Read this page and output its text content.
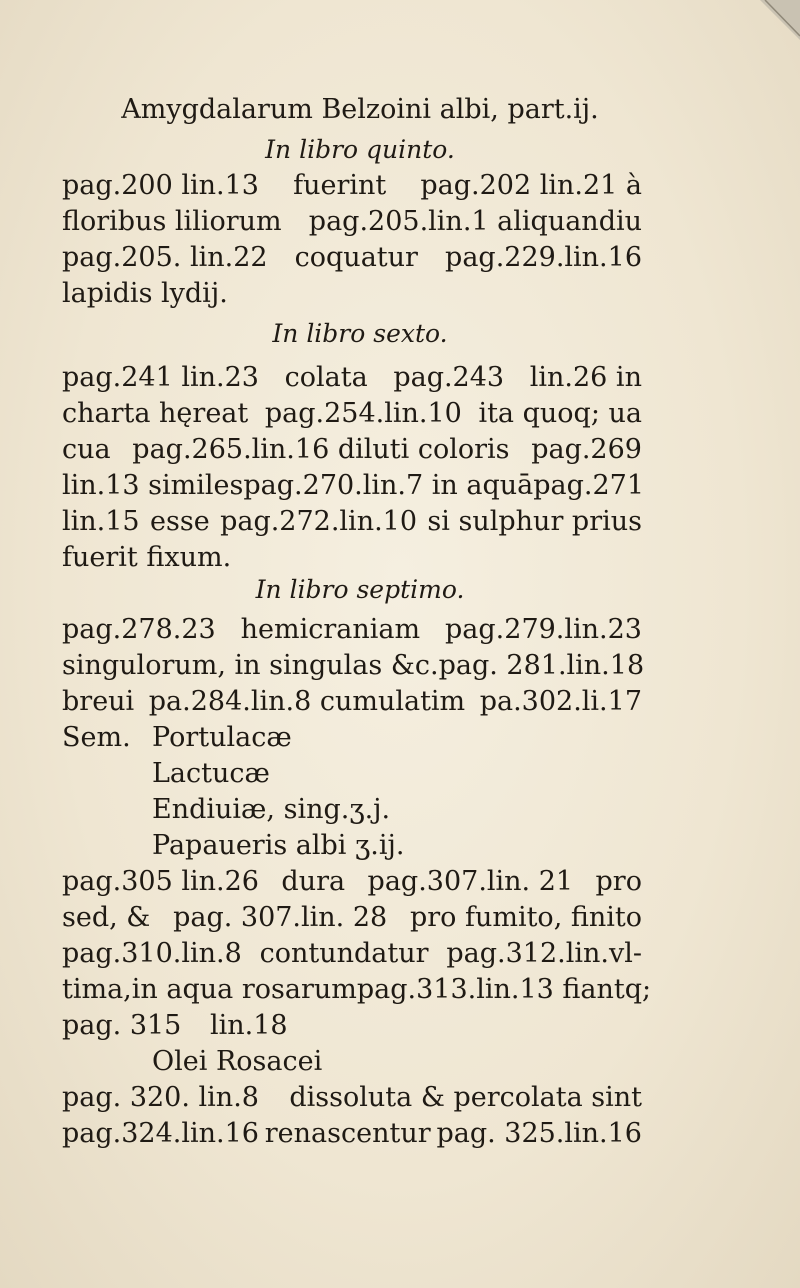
Amygdalarum Belzoini albi, part.ij.
In libro quinto.
pag.200 lin.13 fuerint pag.202 lin.21 à
floribus liliorum pag.205.lin.1 aliquandiu
pag.205. lin.22 coquatur pag.229.lin.16
lapidis lydij.
In libro sexto.
pag.241 lin.23 colata pag.243 lin.26 in
charta hęreat pag.254.lin.10 ita quoq; ua
cua pag.265.lin.16 diluti coloris pag.269
lin.13 similes pag.270.lin.7 in aquā pag.271
lin.15 esse pag.272.lin.10 si sulphur prius
fuerit fixum.
In libro septimo.
pag.278.23 hemicraniam pag.279.lin.23
singulorum, in singulas &c. pag. 281.lin.18
breui pa.284.lin.8 cumulatim pa.302.li.17
Sem. Portulacæ
Lactucæ
Endiuiæ, sing.ʒ.j.
Papaueris albi ʒ.ij.
pag.305 lin.26 dura pag.307.lin. 21 pro
sed, & pag. 307.lin. 28 pro fumito, finito
pag.310.lin.8 contundatur pag.312.lin.vl-
tima, in aqua rosarum pag.313.lin.13 fiantq;
pag. 315 lin.18
Olei Rosacei
pag. 320. lin.8 dissoluta & percolata sint
pag.324.lin.16 renascentur pag. 325.lin.16
